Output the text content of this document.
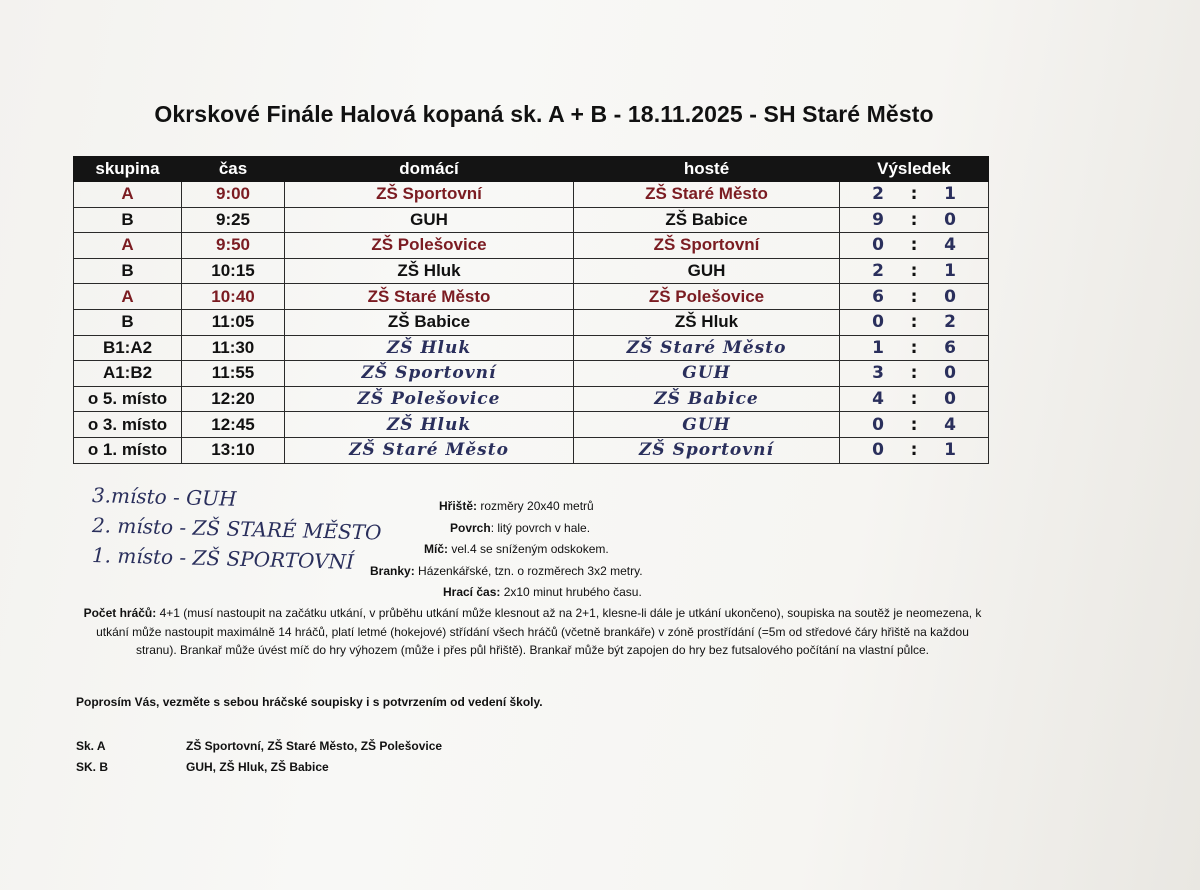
Okrskové Finále Halová kopaná sk. A + B - 18.11.2025 - SH Staré Město
skupina	čas	domácí	hosté	Výsledek
A	9:00	ZŠ Sportovní	ZŠ Staré Město	2 : 1
B	9:25	GUH	ZŠ Babice	9 : 0
A	9:50	ZŠ Polešovice	ZŠ Sportovní	0 : 4
B	10:15	ZŠ Hluk	GUH	2 : 1
A	10:40	ZŠ Staré Město	ZŠ Polešovice	6 : 0
B	11:05	ZŠ Babice	ZŠ Hluk	0 : 2
B1:A2	11:30	ZŠ Hluk	ZŠ Staré Město	1 : 6
A1:B2	11:55	ZŠ Sportovní	GUH	3 : 0
o 5. místo	12:20	ZŠ Polešovice	ZŠ Babice	4 : 0
o 3. místo	12:45	ZŠ Hluk	GUH	0 : 4
o 1. místo	13:10	ZŠ Staré Město	ZŠ Sportovní	0 : 1
3.místo - GUH
2. místo - ZŠ STARÉ MĚSTO
1. místo - ZŠ SPORTOVNÍ
Hřiště: rozměry 20x40 metrů
Povrch: litý povrch v hale.
Míč: vel.4 se sníženým odskokem.
Branky: Házenkářské, tzn. o rozměrech 3x2 metry.
Hrací čas: 2x10 minut hrubého času.
Počet hráčů: 4+1 (musí nastoupit na začátku utkání, v průběhu utkání může klesnout až na 2+1, klesne-li dále je utkání ukončeno), soupiska na soutěž je neomezena, k utkání může nastoupit maximálně 14 hráčů, platí letmé (hokejové) střídání všech hráčů (včetně brankáře) v zóně prostřídání (=5m od středové čáry hřiště na každou stranu). Brankař může úvést míč do hry výhozem (může i přes půl hřiště). Brankař může být zapojen do hry bez futsalového počítání na vlastní půlce.
Poprosím Vás, vezměte s sebou hráčské soupisky i s potvrzením od vedení školy.
Sk. A	ZŠ Sportovní, ZŠ Staré Město, ZŠ Polešovice
SK. B	GUH, ZŠ Hluk, ZŠ Babice
